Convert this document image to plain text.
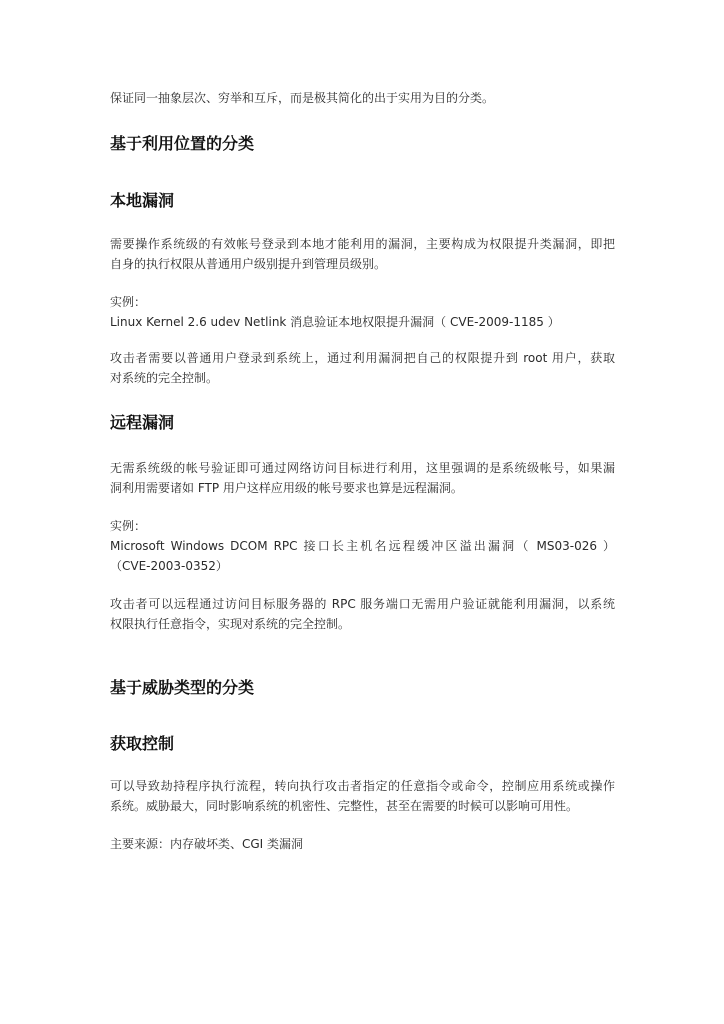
保证同一抽象层次、穷举和互斥，而是极其简化的出于实用为目的分类。

基于利用位置的分类
本地漏洞

需要操作系统级的有效帐号登录到本地才能利用的漏洞，主要构成为权限提升类漏洞，即把
自身的执行权限从普通用户级别提升到管理员级别。

实例：
Linux Kernel 2.6 udev Netlink 消息验证本地权限提升漏洞（ CVE-2009-1185 ）

攻击者需要以普通用户登录到系统上，通过利用漏洞把自己的权限提升到 root 用户，获取
对系统的完全控制。

远程漏洞

无需系统级的帐号验证即可通过网络访问目标进行利用，这里强调的是系统级帐号，如果漏
洞利用需要诸如 FTP 用户这样应用级的帐号要求也算是远程漏洞。

实例：
Microsoft Windows DCOM RPC 接口长主机名远程缓冲区溢出漏洞（ MS03-026 ）
（CVE-2003-0352）

攻击者可以远程通过访问目标服务器的 RPC 服务端口无需用户验证就能利用漏洞，以系统
权限执行任意指令，实现对系统的完全控制。

基于威胁类型的分类
获取控制

可以导致劫持程序执行流程，转向执行攻击者指定的任意指令或命令，控制应用系统或操作
系统。威胁最大，同时影响系统的机密性、完整性，甚至在需要的时候可以影响可用性。

主要来源：内存破坏类、CGI 类漏洞
